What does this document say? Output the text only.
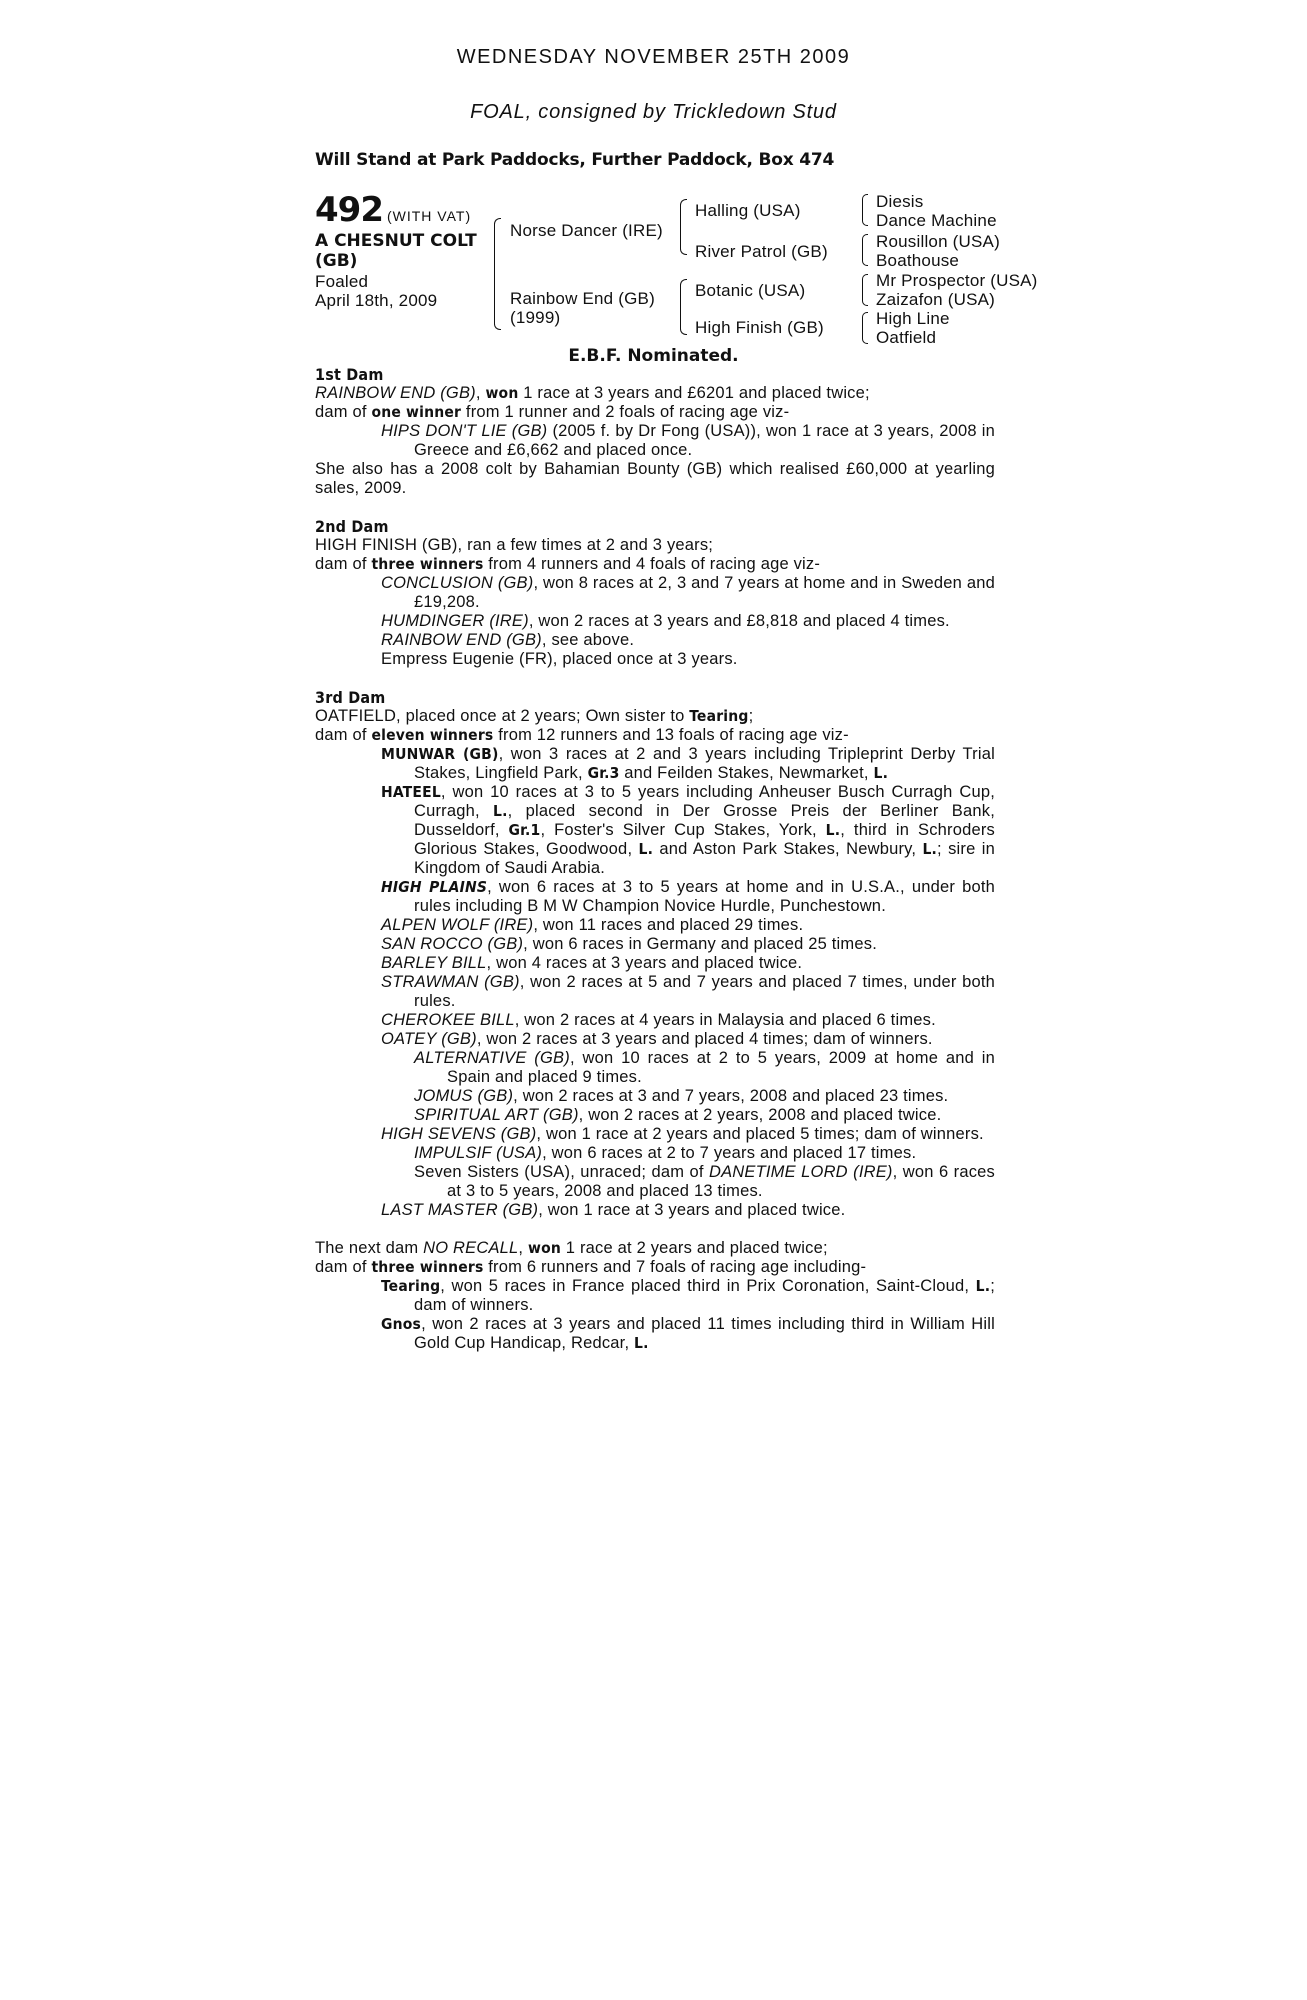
WEDNESDAY NOVEMBER 25TH 2009
FOAL, consigned by Trickledown Stud
Will Stand at Park Paddocks, Further Paddock, Box 474
492 (WITH VAT)
A CHESNUT COLT
(GB)
Foaled
April 18th, 2009
Norse Dancer (IRE)
Rainbow End (GB)
(1999)
Halling (USA)
River Patrol (GB)
Botanic (USA)
High Finish (GB)
Diesis
Dance Machine
Rousillon (USA)
Boathouse
Mr Prospector (USA)
Zaizafon (USA)
High Line
Oatfield
E.B.F. Nominated.

1st Dam

RAINBOW END (GB), won 1 race at 3 years and £6201 and placed twice;

dam of one winner from 1 runner and 2 foals of racing age viz-

HIPS DON'T LIE (GB) (2005 f. by Dr Fong (USA)), won 1 race at 3 years, 2008 in Greece and £6,662 and placed once.

She also has a 2008 colt by Bahamian Bounty (GB) which realised £60,000 at yearling sales, 2009.

2nd Dam

HIGH FINISH (GB), ran a few times at 2 and 3 years;

dam of three winners from 4 runners and 4 foals of racing age viz-

CONCLUSION (GB), won 8 races at 2, 3 and 7 years at home and in Sweden and £19,208.

HUMDINGER (IRE), won 2 races at 3 years and £8,818 and placed 4 times.

RAINBOW END (GB), see above.

Empress Eugenie (FR), placed once at 3 years.

3rd Dam

OATFIELD, placed once at 2 years; Own sister to Tearing;

dam of eleven winners from 12 runners and 13 foals of racing age viz-

MUNWAR (GB), won 3 races at 2 and 3 years including Tripleprint Derby Trial Stakes, Lingfield Park, Gr.3 and Feilden Stakes, Newmarket, L.

HATEEL, won 10 races at 3 to 5 years including Anheuser Busch Curragh Cup, Curragh, L., placed second in Der Grosse Preis der Berliner Bank, Dusseldorf, Gr.1, Foster's Silver Cup Stakes, York, L., third in Schroders Glorious Stakes, Goodwood, L. and Aston Park Stakes, Newbury, L.; sire in Kingdom of Saudi Arabia.

HIGH PLAINS, won 6 races at 3 to 5 years at home and in U.S.A., under both rules including B M W Champion Novice Hurdle, Punchestown.

ALPEN WOLF (IRE), won 11 races and placed 29 times.

SAN ROCCO (GB), won 6 races in Germany and placed 25 times.

BARLEY BILL, won 4 races at 3 years and placed twice.

STRAWMAN (GB), won 2 races at 5 and 7 years and placed 7 times, under both rules.

CHEROKEE BILL, won 2 races at 4 years in Malaysia and placed 6 times.

OATEY (GB), won 2 races at 3 years and placed 4 times; dam of winners.

ALTERNATIVE (GB), won 10 races at 2 to 5 years, 2009 at home and in Spain and placed 9 times.

JOMUS (GB), won 2 races at 3 and 7 years, 2008 and placed 23 times.

SPIRITUAL ART (GB), won 2 races at 2 years, 2008 and placed twice.

HIGH SEVENS (GB), won 1 race at 2 years and placed 5 times; dam of winners.

IMPULSIF (USA), won 6 races at 2 to 7 years and placed 17 times.

Seven Sisters (USA), unraced; dam of DANETIME LORD (IRE), won 6 races at 3 to 5 years, 2008 and placed 13 times.

LAST MASTER (GB), won 1 race at 3 years and placed twice.

The next dam NO RECALL, won 1 race at 2 years and placed twice;

dam of three winners from 6 runners and 7 foals of racing age including-

Tearing, won 5 races in France placed third in Prix Coronation, Saint-Cloud, L.; dam of winners.

Gnos, won 2 races at 3 years and placed 11 times including third in William Hill Gold Cup Handicap, Redcar, L.
